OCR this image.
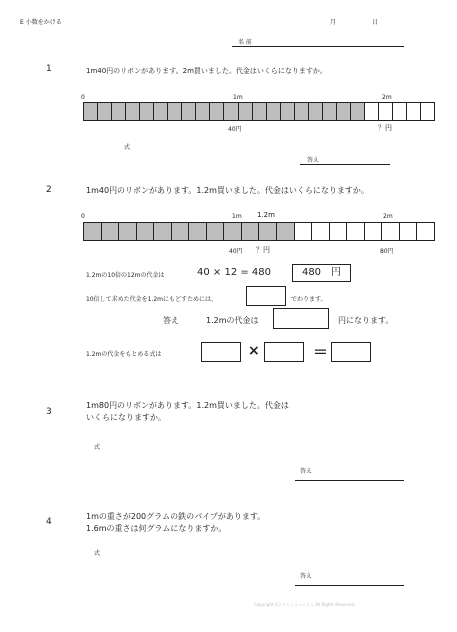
E 小数をかける	月	日
名 前
1	1m40円のリボンがあります。2m買いました。代金はいくらになりますか。
0	1m	2m
40円	？円
式
答え
2	1m40円のリボンがあります。1.2m買いました。代金はいくらになりますか。
0	1m 1.2m	2m
40円 ？円	80円
1.2mの10倍の12mの代金は	40 × 12 = 480	480　円
10倍して求めた代金を1.2mにもどすためには、	でわります。
答え	1.2mの代金は	円になります。
1.2mの代金をもとめる式は	×	＝
3
1m80円のリボンがあります。1.2m買いました。代金は
いくらになりますか。
式
答え
4
1mの重さが200グラムの鉄のパイプがあります。
1.6mの重さは何グラムになりますか。
式
答え
Copyright (C) てらしょっくりん All Rights Reserved.
